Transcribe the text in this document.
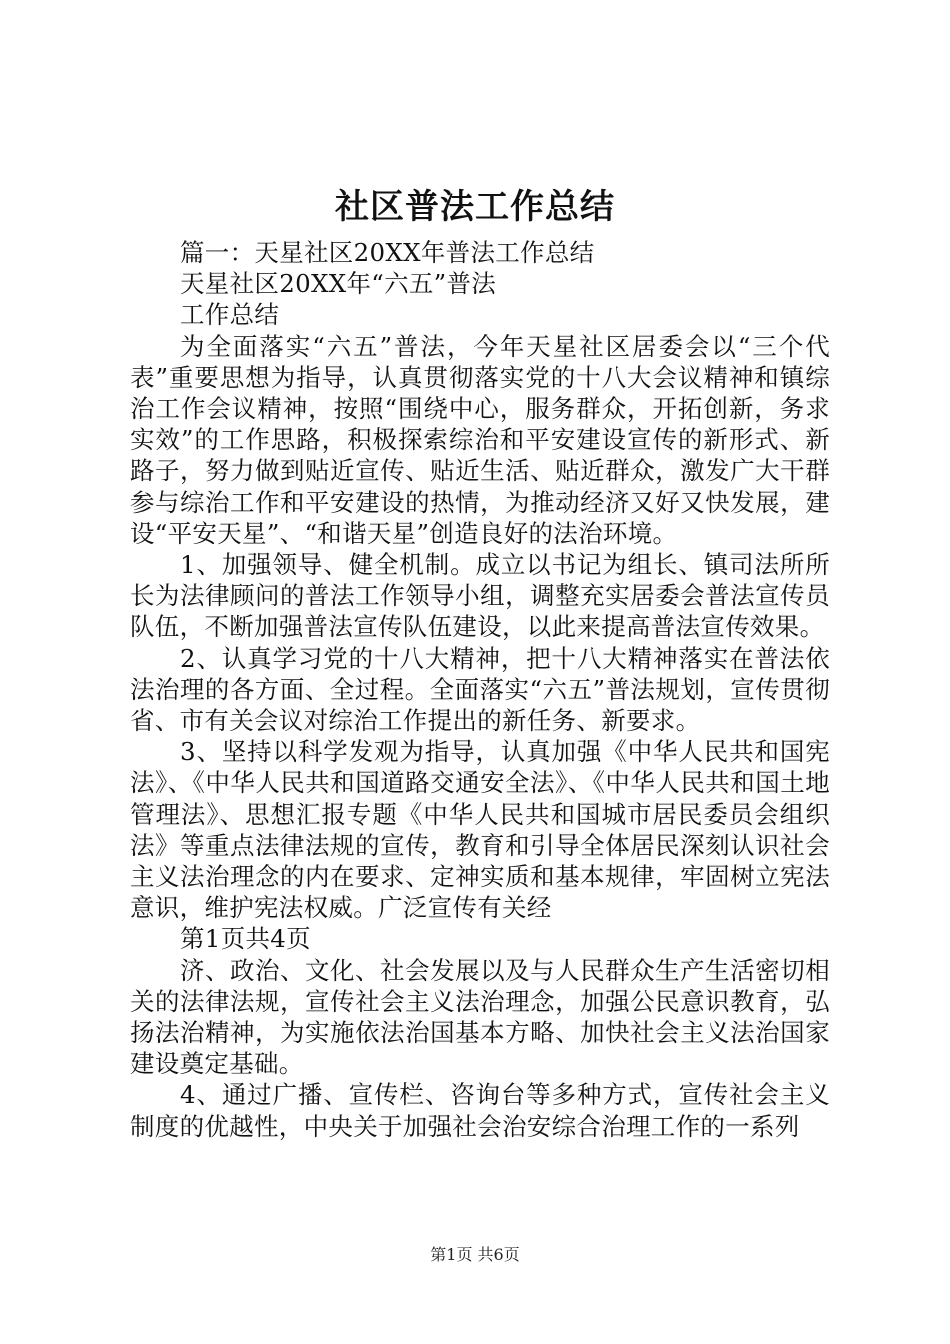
社区普法工作总结

篇一：天星社区20XX年普法工作总结

天星社区20XX年“六五”普法

工作总结

为全面落实“六五”普法，今年天星社区居委会以“三个代表”重要思想为指导，认真贯彻落实党的十八大会议精神和镇综治工作会议精神，按照“围绕中心，服务群众，开拓创新，务求实效”的工作思路，积极探索综治和平安建设宣传的新形式、新路子，努力做到贴近宣传、贴近生活、贴近群众，激发广大干群参与综治工作和平安建设的热情，为推动经济又好又快发展，建设“平安天星”、“和谐天星”创造良好的法治环境。

1、加强领导、健全机制。成立以书记为组长、镇司法所所长为法律顾问的普法工作领导小组，调整充实居委会普法宣传员队伍，不断加强普法宣传队伍建设，以此来提高普法宣传效果。

2、认真学习党的十八大精神，把十八大精神落实在普法依法治理的各方面、全过程。全面落实“六五”普法规划，宣传贯彻省、市有关会议对综治工作提出的新任务、新要求。

3、坚持以科学发观为指导，认真加强《中华人民共和国宪法》、《中华人民共和国道路交通安全法》、《中华人民共和国土地管理法》、思想汇报专题《中华人民共和国城市居民委员会组织法》等重点法律法规的宣传，教育和引导全体居民深刻认识社会主义法治理念的内在要求、定神实质和基本规律，牢固树立宪法意识，维护宪法权威。广泛宣传有关经

第1页共4页

济、政治、文化、社会发展以及与人民群众生产生活密切相关的法律法规，宣传社会主义法治理念，加强公民意识教育，弘扬法治精神，为实施依法治国基本方略、加快社会主义法治国家建设奠定基础。

4、通过广播、宣传栏、咨询台等多种方式，宣传社会主义制度的优越性，中央关于加强社会治安综合治理工作的一系列

第1页 共6页
